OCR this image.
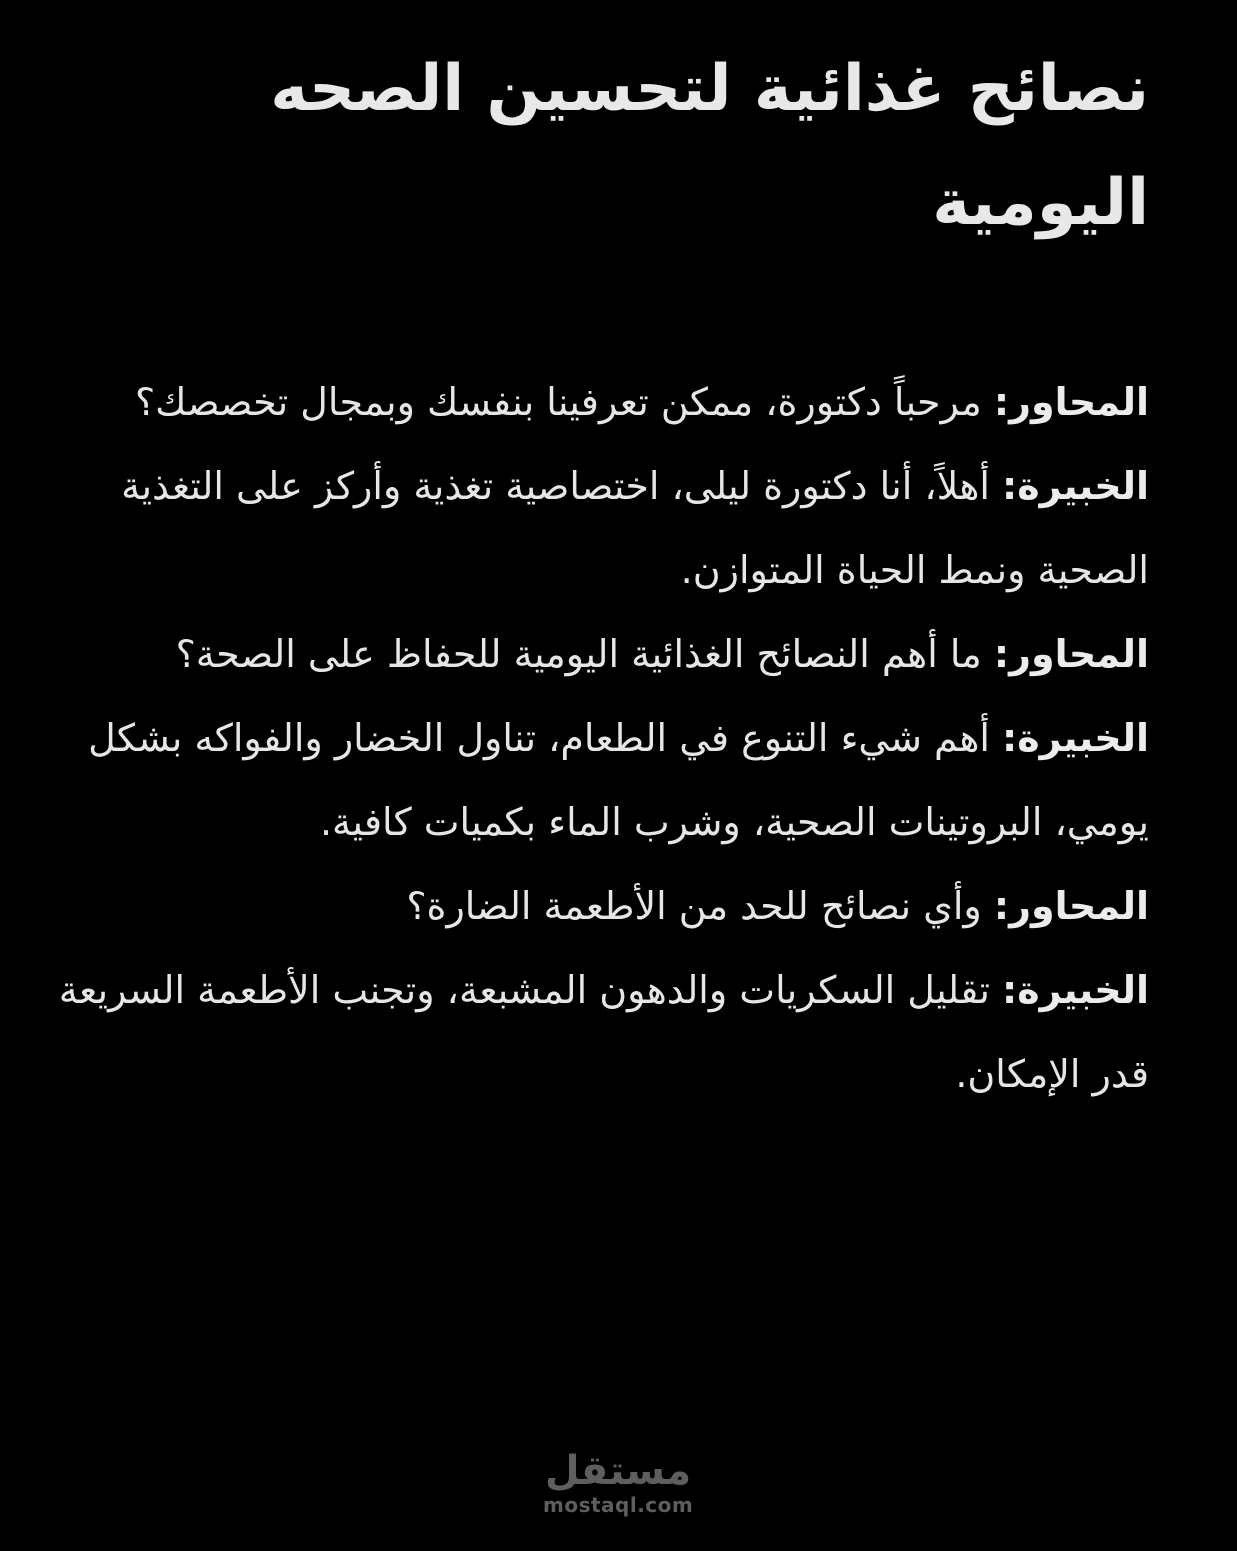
نصائح غذائية لتحسين الصحه اليومية

المحاور: مرحباً دكتورة، ممكن تعرفينا بنفسك وبمجال تخصصك؟

الخبيرة: أهلاً، أنا دكتورة ليلى، اختصاصية تغذية وأركز على التغذية الصحية ونمط الحياة المتوازن.

المحاور: ما أهم النصائح الغذائية اليومية للحفاظ على الصحة؟

الخبيرة: أهم شيء التنوع في الطعام، تناول الخضار والفواكه بشكل يومي، البروتينات الصحية، وشرب الماء بكميات كافية.

المحاور: وأي نصائح للحد من الأطعمة الضارة؟

الخبيرة: تقليل السكريات والدهون المشبعة، وتجنب الأطعمة السريعة قدر الإمكان.

مستقل
mostaql.com
